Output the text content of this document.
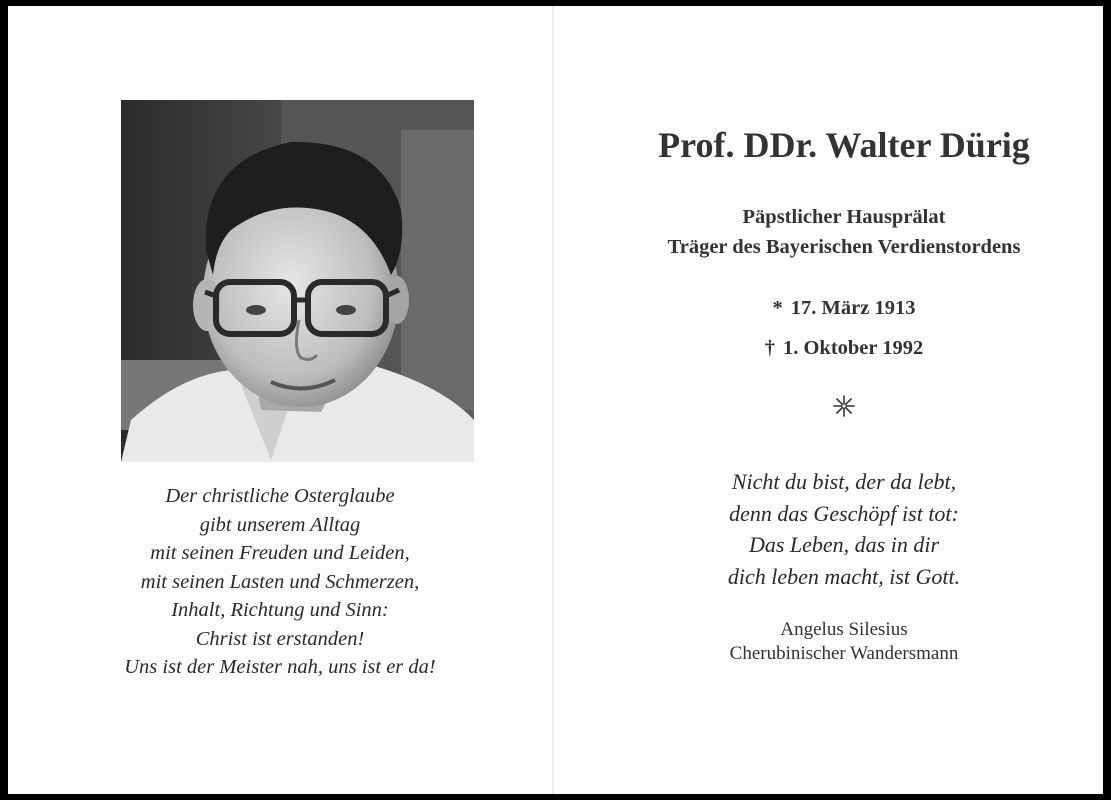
Der christliche Osterglaube
gibt unserem Alltag
mit seinen Freuden und Leiden,
mit seinen Lasten und Schmerzen,
Inhalt, Richtung und Sinn:
Christ ist erstanden!
Uns ist der Meister nah, uns ist er da!
Prof. DDr. Walter Dürig
Päpstlicher Hausprälat
Träger des Bayerischen Verdienstordens
* 17. März 1913
† 1. Oktober 1992
Nicht du bist, der da lebt,
denn das Geschöpf ist tot:
Das Leben, das in dir
dich leben macht, ist Gott.
Angelus Silesius
Cherubinischer Wandersmann
